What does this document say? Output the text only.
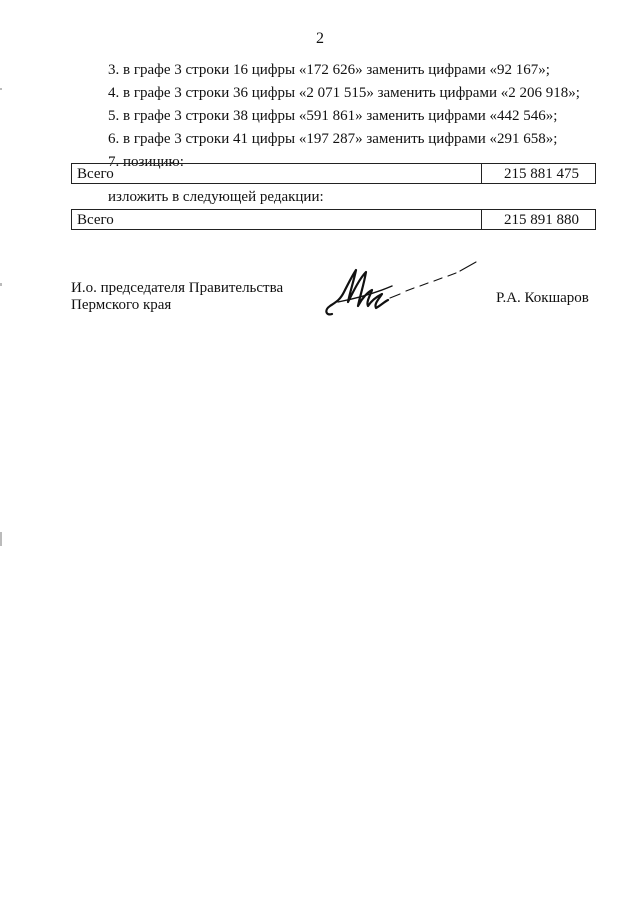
2
3. в графе 3 строки 16 цифры «172 626» заменить цифрами «92 167»;
4. в графе 3 строки 36 цифры «2 071 515» заменить цифрами «2 206 918»;
5. в графе 3 строки 38 цифры «591 861» заменить цифрами «442 546»;
6. в графе 3 строки 41 цифры «197 287» заменить цифрами «291 658»;
7. позицию:
Всего	215 881 475
изложить в следующей редакции:
Всего	215 891 880
И.о. председателя Правительства
Пермского края	Р.А. Кокшаров
